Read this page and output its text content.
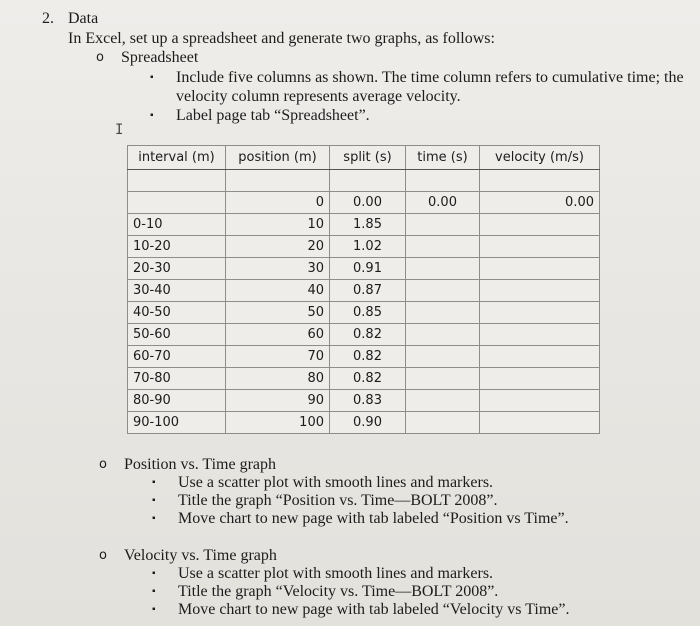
2. Data
In Excel, set up a spreadsheet and generate two graphs, as follows:
o Spreadsheet
▪ Include five columns as shown. The time column refers to cumulative time; the
velocity column represents average velocity.
▪ Label page tab “Spreadsheet”.
I
interval (m)	position (m)	split (s)	time (s)	velocity (m/s)

	0	0.00	0.00	0.00
0-10	10	1.85		
10-20	20	1.02		
20-30	30	0.91		
30-40	40	0.87		
40-50	50	0.85		
50-60	60	0.82		
60-70	70	0.82		
70-80	80	0.82		
80-90	90	0.83		
90-100	100	0.90		
o Position vs. Time graph
▪ Use a scatter plot with smooth lines and markers.
▪ Title the graph “Position vs. Time—BOLT 2008”.
▪ Move chart to new page with tab labeled “Position vs Time”.
o Velocity vs. Time graph
▪ Use a scatter plot with smooth lines and markers.
▪ Title the graph “Velocity vs. Time—BOLT 2008”.
▪ Move chart to new page with tab labeled “Velocity vs Time”.
